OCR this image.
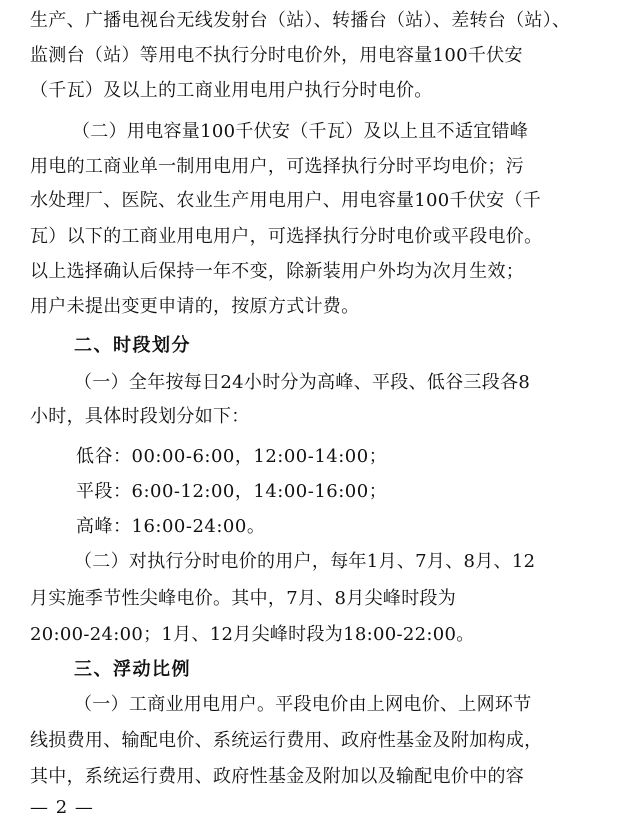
生产、广播电视台无线发射台（站）、转播台（站）、差转台（站）、
监测台（站）等用电不执行分时电价外，用电容量100千伏安
（千瓦）及以上的工商业用电用户执行分时电价。
（二）用电容量100千伏安（千瓦）及以上且不适宜错峰
用电的工商业单一制用电用户，可选择执行分时平均电价；污
水处理厂、医院、农业生产用电用户、用电容量100千伏安（千
瓦）以下的工商业用电用户，可选择执行分时电价或平段电价。
以上选择确认后保持一年不变，除新装用户外均为次月生效；
用户未提出变更申请的，按原方式计费。
二、时段划分
（一）全年按每日24小时分为高峰、平段、低谷三段各8
小时，具体时段划分如下：
低谷：00:00-6:00，12:00-14:00；
平段：6:00-12:00，14:00-16:00；
高峰：16:00-24:00。
（二）对执行分时电价的用户，每年1月、7月、8月、12
月实施季节性尖峰电价。其中，7月、8月尖峰时段为
20:00-24:00；1月、12月尖峰时段为18:00-22:00。
三、浮动比例
（一）工商业用电用户。平段电价由上网电价、上网环节
线损费用、输配电价、系统运行费用、政府性基金及附加构成，
其中，系统运行费用、政府性基金及附加以及输配电价中的容
— 2 —
